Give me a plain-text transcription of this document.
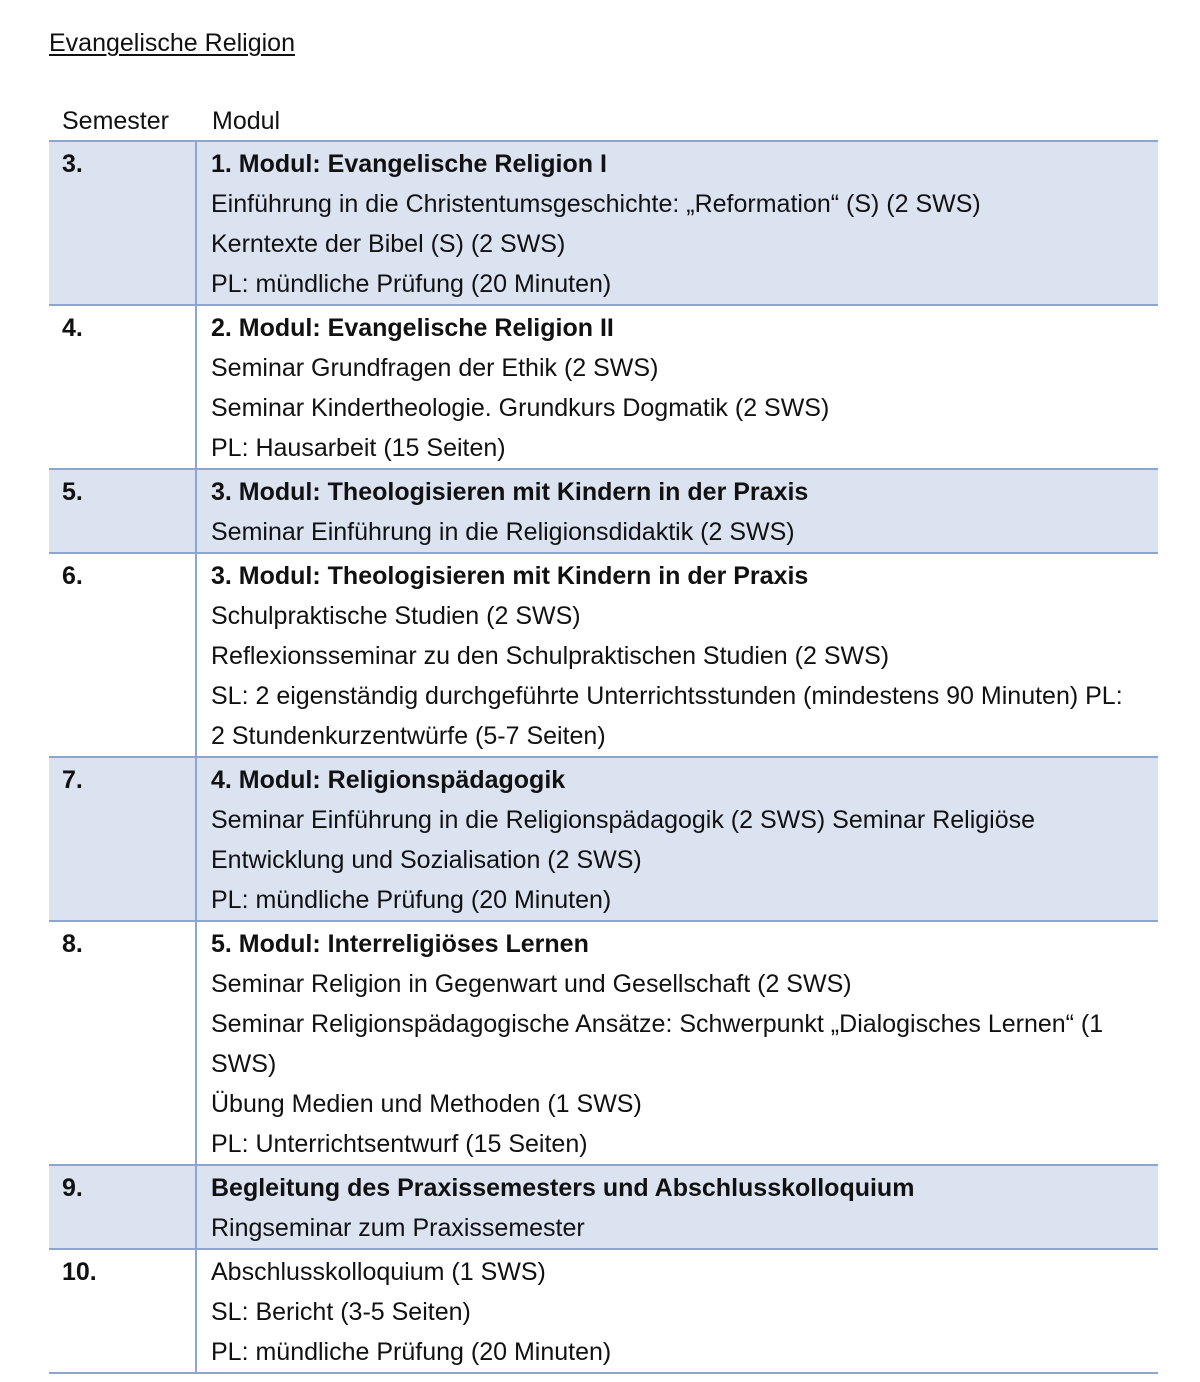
Evangelische Religion
Semester	Modul
3.	1. Modul: Evangelische Religion I
Einführung in die Christentumsgeschichte: „Reformation“ (S) (2 SWS)
Kerntexte der Bibel (S) (2 SWS)
PL: mündliche Prüfung (20 Minuten)
4.	2. Modul: Evangelische Religion II
Seminar Grundfragen der Ethik (2 SWS)
Seminar Kindertheologie. Grundkurs Dogmatik (2 SWS)
PL: Hausarbeit (15 Seiten)
5.	3. Modul: Theologisieren mit Kindern in der Praxis
Seminar Einführung in die Religionsdidaktik (2 SWS)
6.	3. Modul: Theologisieren mit Kindern in der Praxis
Schulpraktische Studien (2 SWS)
Reflexionsseminar zu den Schulpraktischen Studien (2 SWS)
SL: 2 eigenständig durchgeführte Unterrichtsstunden (mindestens 90 Minuten) PL: 2 Stundenkurzentwürfe (5-7 Seiten)
7.	4. Modul: Religionspädagogik
Seminar Einführung in die Religionspädagogik (2 SWS) Seminar Religiöse Entwicklung und Sozialisation (2 SWS)
PL: mündliche Prüfung (20 Minuten)
8.	5. Modul: Interreligiöses Lernen
Seminar Religion in Gegenwart und Gesellschaft (2 SWS)
Seminar Religionspädagogische Ansätze: Schwerpunkt „Dialogisches Lernen“ (1 SWS)
Übung Medien und Methoden (1 SWS)
PL: Unterrichtsentwurf (15 Seiten)
9.	Begleitung des Praxissemesters und Abschlusskolloquium
Ringseminar zum Praxissemester
10.	Abschlusskolloquium (1 SWS)
SL: Bericht (3-5 Seiten)
PL: mündliche Prüfung (20 Minuten)
